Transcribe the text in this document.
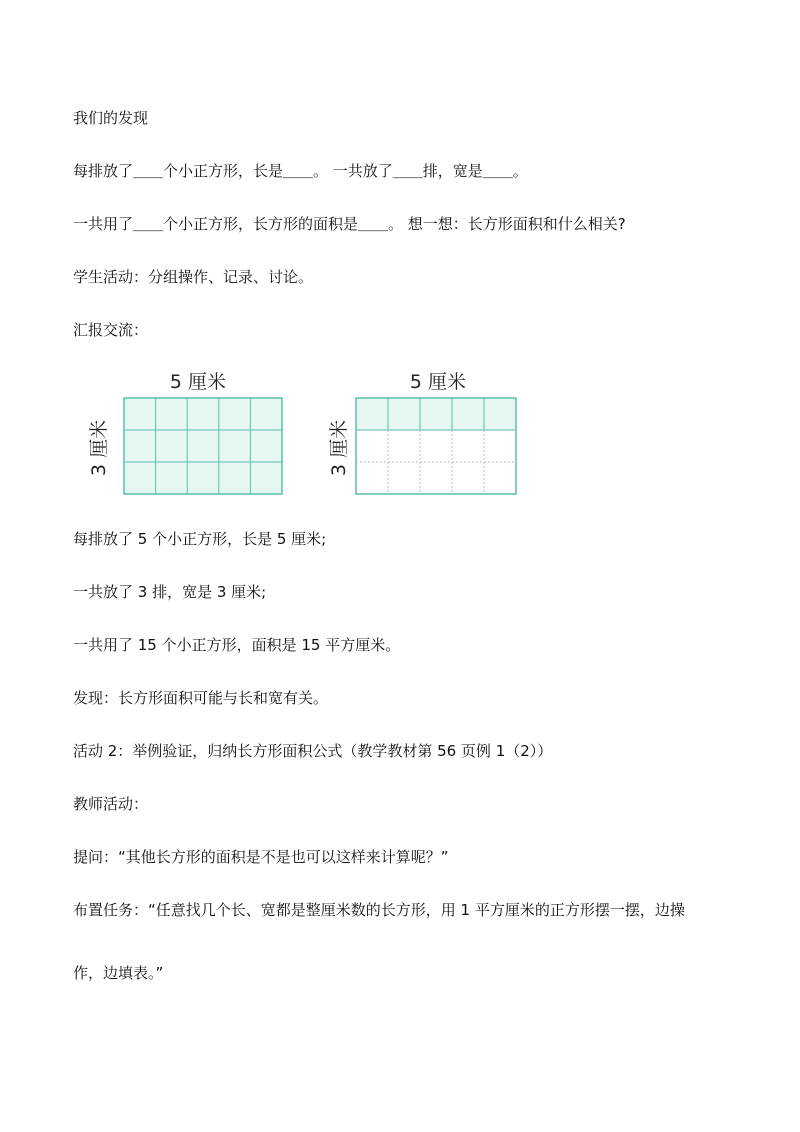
我们的发现
每排放了＿＿个小正方形，长是＿＿。 一共放了＿＿排，宽是＿＿。
一共用了＿＿个小正方形，长方形的面积是＿＿。 想一想：长方形面积和什么相关?
学生活动：分组操作、记录、讨论。
汇报交流：
5 厘米
3 厘米
5 厘米
3 厘米
每排放了 5 个小正方形，长是 5 厘米;
一共放了 3 排，宽是 3 厘米;
一共用了 15 个小正方形，面积是 15 平方厘米。
发现：长方形面积可能与长和宽有关。
活动 2：举例验证，归纳长方形面积公式（教学教材第 56 页例 1（2））
教师活动：
提问：“其他长方形的面积是不是也可以这样来计算呢？”
布置任务：“任意找几个长、宽都是整厘米数的长方形，用 1 平方厘米的正方形摆一摆，边操
作，边填表。”
